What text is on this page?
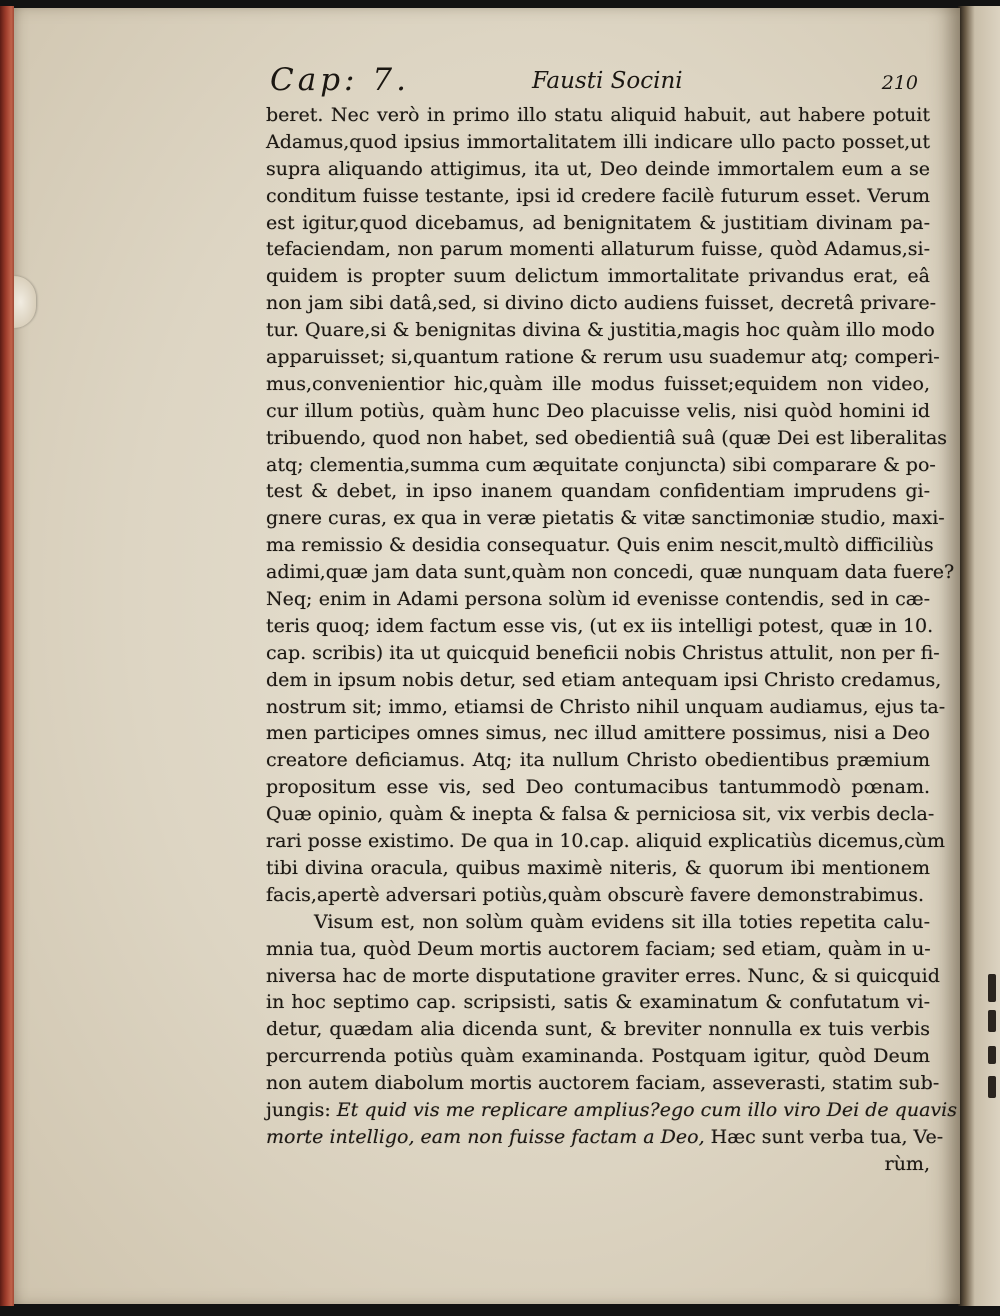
Cap: 7.	Fausti Socini	210
beret. Nec verò in primo illo statu aliquid habuit, aut habere potuit
Adamus,quod ipsius immortalitatem illi indicare ullo pacto posset,ut
supra aliquando attigimus, ita ut, Deo deinde immortalem eum a se
conditum fuisse testante, ipsi id credere facilè futurum esset. Verum
est igitur,quod dicebamus, ad benignitatem & justitiam divinam pa-
tefaciendam, non parum momenti allaturum fuisse, quòd Adamus,si-
quidem is propter suum delictum immortalitate privandus erat, eâ
non jam sibi datâ,sed, si divino dicto audiens fuisset, decretâ privare-
tur. Quare,si & benignitas divina & justitia,magis hoc quàm illo modo
apparuisset; si,quantum ratione & rerum usu suademur atq; comperi-
mus,convenientior hic,quàm ille modus fuisset;equidem non video,
cur illum potiùs, quàm hunc Deo placuisse velis, nisi quòd homini id
tribuendo, quod non habet, sed obedientiâ suâ (quæ Dei est liberalitas
atq; clementia,summa cum æquitate conjuncta) sibi comparare & po-
test & debet, in ipso inanem quandam confidentiam imprudens gi-
gnere curas, ex qua in veræ pietatis & vitæ sanctimoniæ studio, maxi-
ma remissio & desidia consequatur. Quis enim nescit,multò difficiliùs
adimi,quæ jam data sunt,quàm non concedi, quæ nunquam data fuere?
Neq; enim in Adami persona solùm id evenisse contendis, sed in cæ-
teris quoq; idem factum esse vis, (ut ex iis intelligi potest, quæ in 10.
cap. scribis) ita ut quicquid beneficii nobis Christus attulit, non per fi-
dem in ipsum nobis detur, sed etiam antequam ipsi Christo credamus,
nostrum sit; immo, etiamsi de Christo nihil unquam audiamus, ejus ta-
men participes omnes simus, nec illud amittere possimus, nisi a Deo
creatore deficiamus. Atq; ita nullum Christo obedientibus præmium
propositum esse vis, sed Deo contumacibus tantummodò pœnam.
Quæ opinio, quàm & inepta & falsa & perniciosa sit, vix verbis decla-
rari posse existimo. De qua in 10.cap. aliquid explicatiùs dicemus,cùm
tibi divina oracula, quibus maximè niteris, & quorum ibi mentionem
facis,apertè adversari potiùs,quàm obscurè favere demonstrabimus.
Visum est, non solùm quàm evidens sit illa toties repetita calu-
mnia tua, quòd Deum mortis auctorem faciam; sed etiam, quàm in u-
niversa hac de morte disputatione graviter erres. Nunc, & si quicquid
in hoc septimo cap. scripsisti, satis & examinatum & confutatum vi-
detur, quædam alia dicenda sunt, & breviter nonnulla ex tuis verbis
percurrenda potiùs quàm examinanda. Postquam igitur, quòd Deum
non autem diabolum mortis auctorem faciam, asseverasti, statim sub-
jungis: Et quid vis me replicare amplius?ego cum illo viro Dei de quavis
morte intelligo, eam non fuisse factam a Deo, Hæc sunt verba tua, Ve-
rùm,
